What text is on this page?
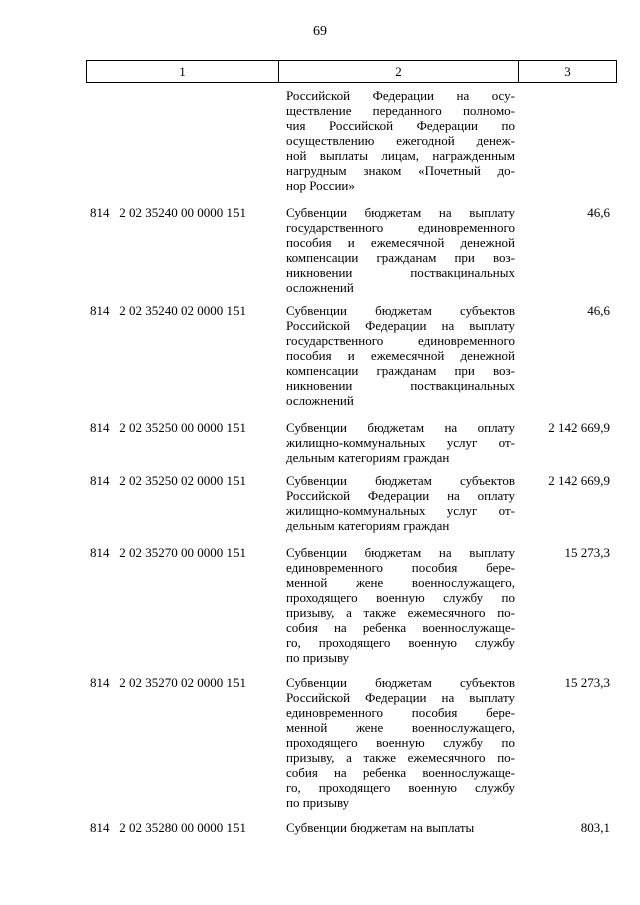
69
1	2	3
Российской Федерации на осу-
ществление переданного полномо-
чия Российской Федерации по
осуществлению ежегодной денеж-
ной выплаты лицам, награжденным
нагрудным знаком «Почетный до-
нор России»
814   2 02 35240 00 0000 151	Субвенции бюджетам на выплату
государственного единовременного
пособия и ежемесячной денежной
компенсации гражданам при воз-
никновении поствакцинальных
осложнений
46,6
814   2 02 35240 02 0000 151	Субвенции бюджетам субъектов
Российской Федерации на выплату
государственного единовременного
пособия и ежемесячной денежной
компенсации гражданам при воз-
никновении поствакцинальных
осложнений
46,6
814   2 02 35250 00 0000 151	Субвенции бюджетам на оплату
жилищно-коммунальных услуг от-
дельным категориям граждан
2 142 669,9
814   2 02 35250 02 0000 151	Субвенции бюджетам субъектов
Российской Федерации на оплату
жилищно-коммунальных услуг от-
дельным категориям граждан
2 142 669,9
814   2 02 35270 00 0000 151	Субвенции бюджетам на выплату
единовременного пособия бере-
менной жене военнослужащего,
проходящего военную службу по
призыву, а также ежемесячного по-
собия на ребенка военнослужаще-
го, проходящего военную службу
по призыву
15 273,3
814   2 02 35270 02 0000 151	Субвенции бюджетам субъектов
Российской Федерации на выплату
единовременного пособия бере-
менной жене военнослужащего,
проходящего военную службу по
призыву, а также ежемесячного по-
собия на ребенка военнослужаще-
го, проходящего военную службу
по призыву
15 273,3
814   2 02 35280 00 0000 151	Субвенции бюджетам на выплаты	803,1
